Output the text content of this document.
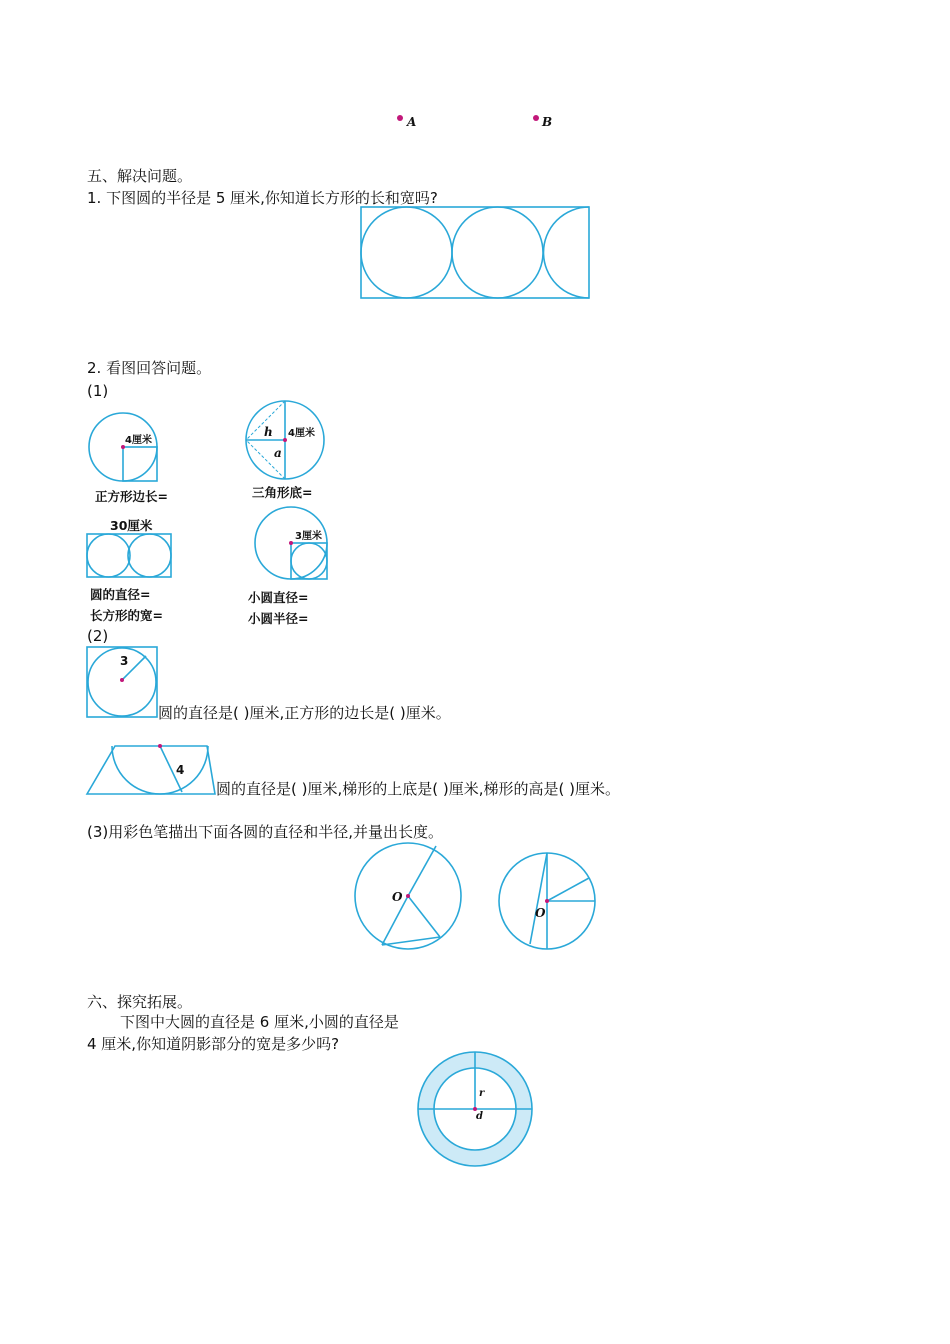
A	B
五、解决问题。
1. 下图圆的半径是 5 厘米,你知道长方形的长和宽吗?
2. 看图回答问题。
(1)
4厘米
正方形边长=
h 4厘米
a
三角形底=
30厘米
圆的直径=
长方形的宽=
3厘米
小圆直径=
小圆半径=
(2)
3
圆的直径是( )厘米,正方形的边长是( )厘米。
4
圆的直径是( )厘米,梯形的上底是( )厘米,梯形的高是( )厘米。
(3)用彩色笔描出下面各圆的直径和半径,并量出长度。
O
O
六、探究拓展。
下图中大圆的直径是 6 厘米,小圆的直径是
4 厘米,你知道阴影部分的宽是多少吗?
r
d
